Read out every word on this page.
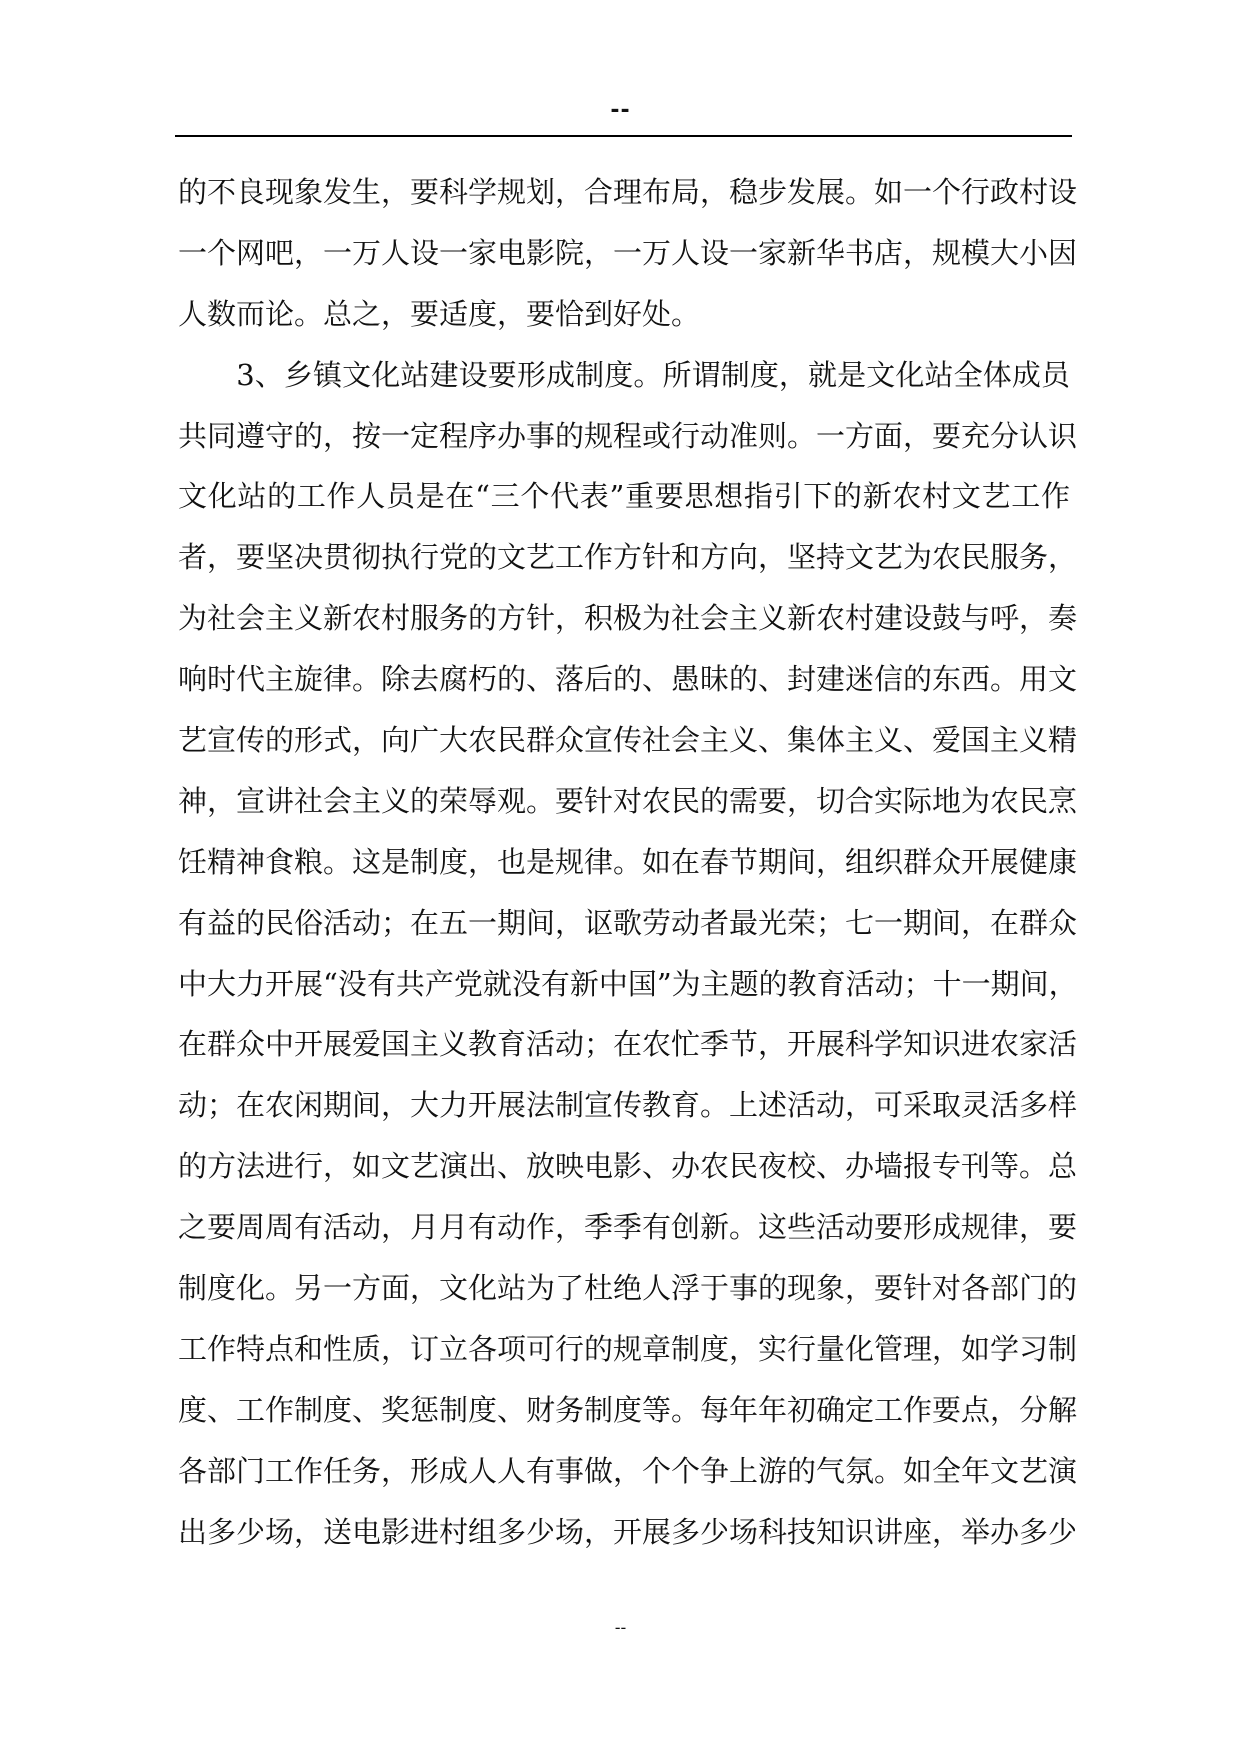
--
的不良现象发生，要科学规划，合理布局，稳步发展。如一个行政村设
一个网吧，一万人设一家电影院，一万人设一家新华书店，规模大小因
人数而论。总之，要适度，要恰到好处。
　　3、乡镇文化站建设要形成制度。所谓制度，就是文化站全体成员
共同遵守的，按一定程序办事的规程或行动准则。一方面，要充分认识
文化站的工作人员是在“三个代表”重要思想指引下的新农村文艺工作
者，要坚决贯彻执行党的文艺工作方针和方向，坚持文艺为农民服务，
为社会主义新农村服务的方针，积极为社会主义新农村建设鼓与呼，奏
响时代主旋律。除去腐朽的、落后的、愚昧的、封建迷信的东西。用文
艺宣传的形式，向广大农民群众宣传社会主义、集体主义、爱国主义精
神，宣讲社会主义的荣辱观。要针对农民的需要，切合实际地为农民烹
饪精神食粮。这是制度，也是规律。如在春节期间，组织群众开展健康
有益的民俗活动；在五一期间，讴歌劳动者最光荣；七一期间，在群众
中大力开展“没有共产党就没有新中国”为主题的教育活动；十一期间，
在群众中开展爱国主义教育活动；在农忙季节，开展科学知识进农家活
动；在农闲期间，大力开展法制宣传教育。上述活动，可采取灵活多样
的方法进行，如文艺演出、放映电影、办农民夜校、办墙报专刊等。总
之要周周有活动，月月有动作，季季有创新。这些活动要形成规律，要
制度化。另一方面，文化站为了杜绝人浮于事的现象，要针对各部门的
工作特点和性质，订立各项可行的规章制度，实行量化管理，如学习制
度、工作制度、奖惩制度、财务制度等。每年年初确定工作要点，分解
各部门工作任务，形成人人有事做，个个争上游的气氛。如全年文艺演
出多少场，送电影进村组多少场，开展多少场科技知识讲座，举办多少
--
